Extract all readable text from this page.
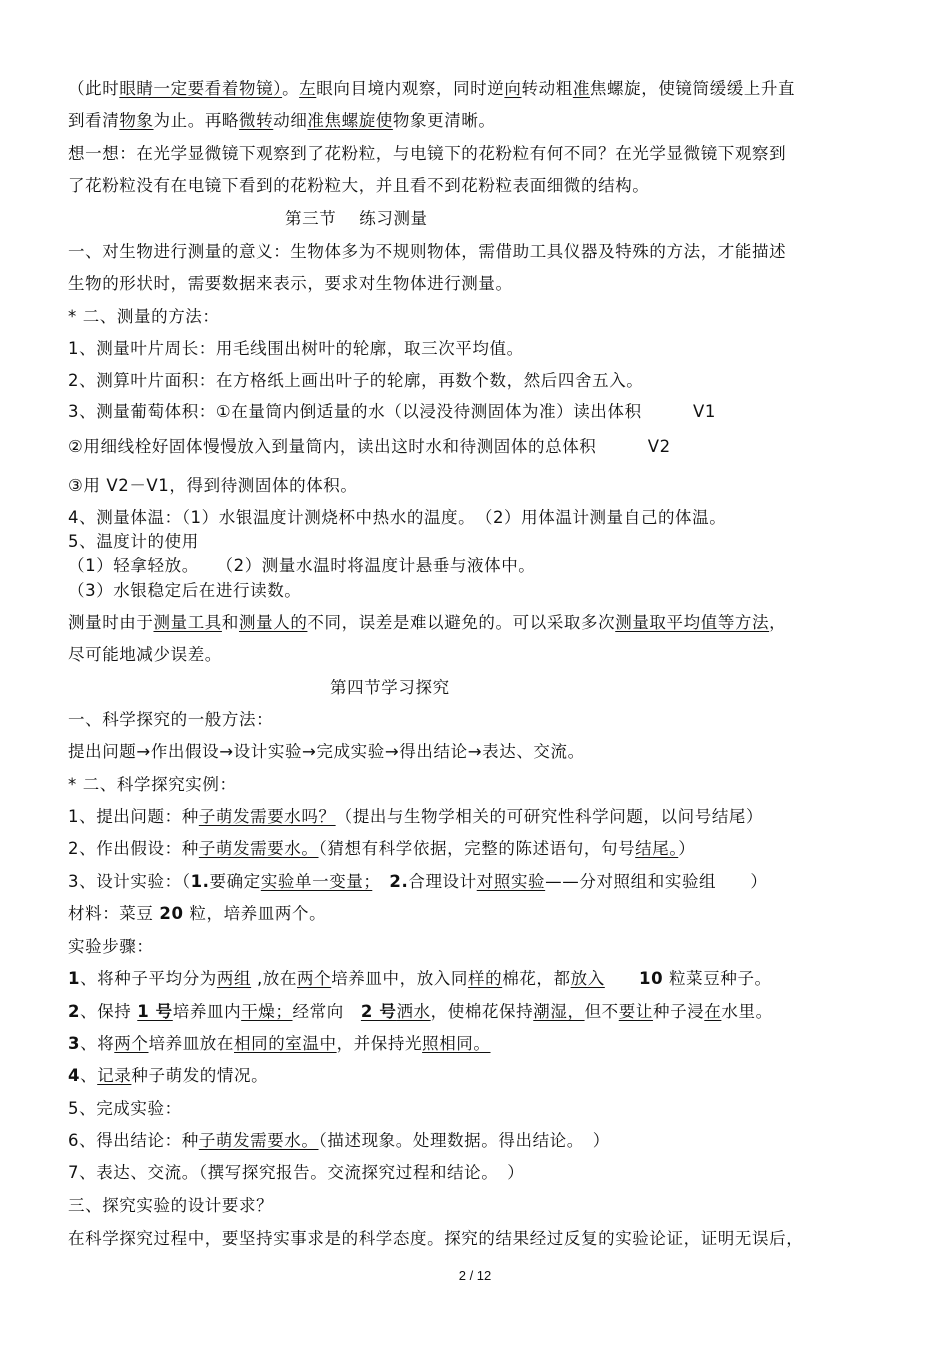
（此时眼睛一定要看着物镜）。左眼向目境内观察，同时逆向转动粗准焦螺旋，使镜筒缓缓上升直
到看清物象为止。再略微转动细准焦螺旋使物象更清晰。
想一想：在光学显微镜下观察到了花粉粒，与电镜下的花粉粒有何不同？在光学显微镜下观察到
了花粉粒没有在电镜下看到的花粉粒大，并且看不到花粉粒表面细微的结构。
第三节　 练习测量
一、对生物进行测量的意义：生物体多为不规则物体，需借助工具仪器及特殊的方法，才能描述
生物的形状时，需要数据来表示，要求对生物体进行测量。
* 二、测量的方法：
1、测量叶片周长：用毛线围出树叶的轮廓，取三次平均值。
2、测算叶片面积：在方格纸上画出叶子的轮廓，再数个数，然后四舍五入。
3、测量葡萄体积：①在量筒内倒适量的水（以浸没待测固体为准）读出体积　　　V1
②用细线栓好固体慢慢放入到量筒内，读出这时水和待测固体的总体积　　　V2
③用 V2－V1，得到待测固体的体积。
4、测量体温：（1）水银温度计测烧杯中热水的温度。　（2）用体温计测量自己的体温。
5、温度计的使用
（1）轻拿轻放。　　（2）测量水温时将温度计悬垂与液体中。
（3）水银稳定后在进行读数。
测量时由于测量工具和测量人的不同，误差是难以避免的。可以采取多次测量取平均值等方法，
尽可能地减少误差。
第四节学习探究
一、科学探究的一般方法：
提出问题→作出假设→设计实验→完成实验→得出结论→表达、交流。
* 二、科学探究实例：
1、提出问题：种子萌发需要水吗？（提出与生物学相关的可研究性科学问题，以问号结尾）
2、作出假设：种子萌发需要水。（猜想有科学依据，完整的陈述语句，句号结尾。）
3、设计实验：（1.要确定实验单一变量；　 2.合理设计对照实验——分对照组和实验组　　）
材料：菜豆 20 粒，培养皿两个。
实验步骤：
1、将种子平均分为两组 ,放在两个培养皿中，放入同样的棉花，都放入　　 10 粒菜豆种子。
2、保持 1 号培养皿内干燥；经常向　2 号洒水，使棉花保持潮湿，但不要让种子浸在水里。
3、将两个培养皿放在相同的室温中，并保持光照相同。
4、记录种子萌发的情况。
5、完成实验：
6、得出结论：种子萌发需要水。（描述现象。处理数据。得出结论。　）
7、表达、交流。（撰写探究报告。交流探究过程和结论。　）
三、探究实验的设计要求？
在科学探究过程中，要坚持实事求是的科学态度。探究的结果经过反复的实验论证，证明无误后，
2 / 12
